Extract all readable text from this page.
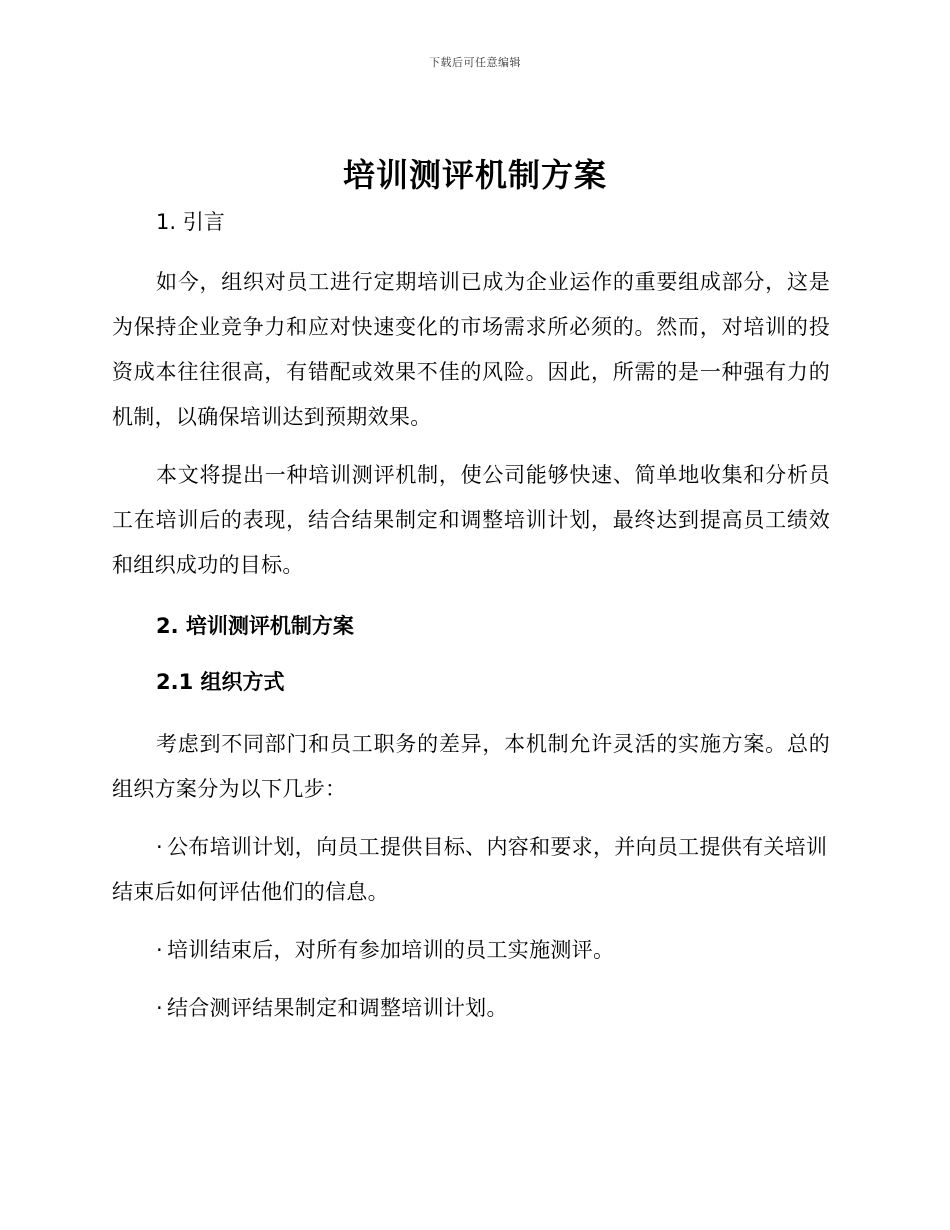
下载后可任意编辑
培训测评机制方案
1. 引言

如今，组织对员工进行定期培训已成为企业运作的重要组成部分，这是为保持企业竞争力和应对快速变化的市场需求所必须的。然而，对培训的投资成本往往很高，有错配或效果不佳的风险。因此，所需的是一种强有力的机制，以确保培训达到预期效果。

本文将提出一种培训测评机制，使公司能够快速、简单地收集和分析员工在培训后的表现，结合结果制定和调整培训计划，最终达到提高员工绩效和组织成功的目标。

2. 培训测评机制方案
2.1 组织方式

考虑到不同部门和员工职务的差异，本机制允许灵活的实施方案。总的组织方案分为以下几步：

· 公布培训计划，向员工提供目标、内容和要求，并向员工提供有关培训结束后如何评估他们的信息。

· 培训结束后，对所有参加培训的员工实施测评。

· 结合测评结果制定和调整培训计划。
